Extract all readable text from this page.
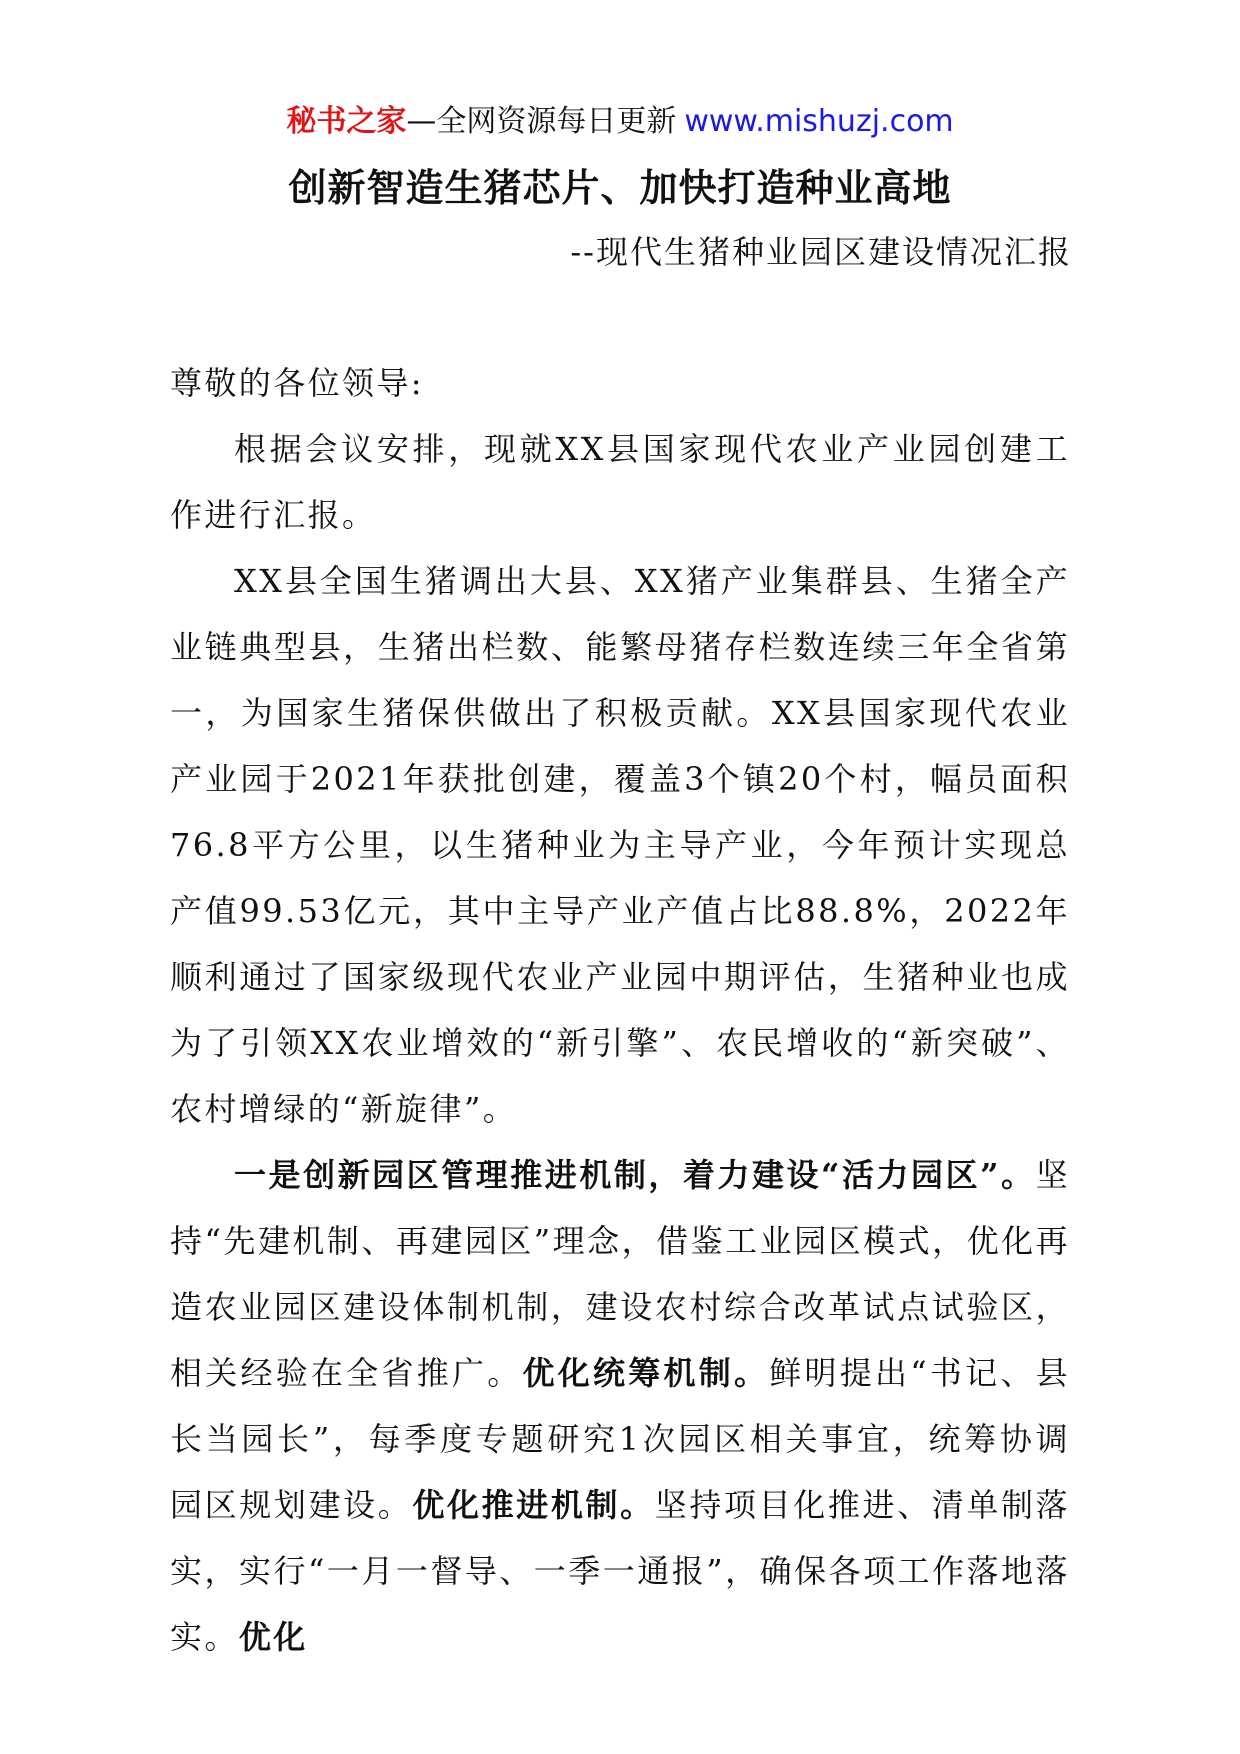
秘书之家—全网资源每日更新 www.mishuzj.com
创新智造生猪芯片、加快打造种业高地

--现代生猪种业园区建设情况汇报

尊敬的各位领导:

根据会议安排，现就XX县国家现代农业产业园创建工作进行汇报。

XX县全国生猪调出大县、XX猪产业集群县、生猪全产业链典型县，生猪出栏数、能繁母猪存栏数连续三年全省第一，为国家生猪保供做出了积极贡献。XX县国家现代农业产业园于2021年获批创建，覆盖3个镇20个村，幅员面积76.8平方公里，以生猪种业为主导产业，今年预计实现总产值99.53亿元，其中主导产业产值占比88.8%，2022年顺利通过了国家级现代农业产业园中期评估，生猪种业也成为了引领XX农业增效的“新引擎”、农民增收的“新突破”、农村增绿的“新旋律”。

一是创新园区管理推进机制，着力建设“活力园区”。坚持“先建机制、再建园区”理念，借鉴工业园区模式，优化再造农业园区建设体制机制，建设农村综合改革试点试验区，相关经验在全省推广。优化统筹机制。鲜明提出“书记、县长当园长”，每季度专题研究1次园区相关事宜，统筹协调园区规划建设。优化推进机制。坚持项目化推进、清单制落实，实行“一月一督导、一季一通报”，确保各项工作落地落实。优化
